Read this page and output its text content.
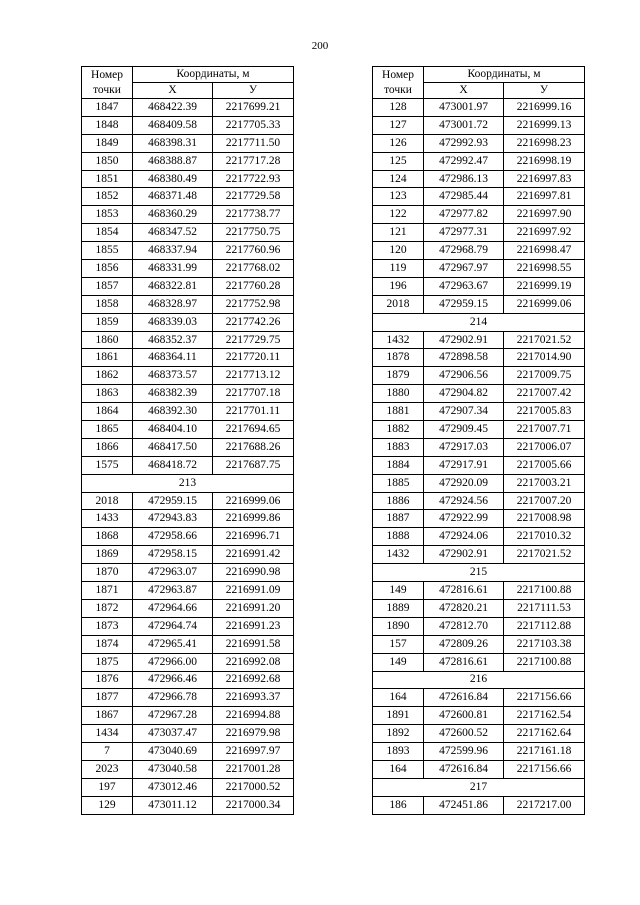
200
Номер точки	Координаты, м	
	X	У
1847	468422.39	2217699.21
1848	468409.58	2217705.33
1849	468398.31	2217711.50
1850	468388.87	2217717.28
1851	468380.49	2217722.93
1852	468371.48	2217729.58
1853	468360.29	2217738.77
1854	468347.52	2217750.75
1855	468337.94	2217760.96
1856	468331.99	2217768.02
1857	468322.81	2217760.28
1858	468328.97	2217752.98
1859	468339.03	2217742.26
1860	468352.37	2217729.75
1861	468364.11	2217720.11
1862	468373.57	2217713.12
1863	468382.39	2217707.18
1864	468392.30	2217701.11
1865	468404.10	2217694.65
1866	468417.50	2217688.26
1575	468418.72	2217687.75
213		
2018	472959.15	2216999.06
1433	472943.83	2216999.86
1868	472958.66	2216996.71
1869	472958.15	2216991.42
1870	472963.07	2216990.98
1871	472963.87	2216991.09
1872	472964.66	2216991.20
1873	472964.74	2216991.23
1874	472965.41	2216991.58
1875	472966.00	2216992.08
1876	472966.46	2216992.68
1877	472966.78	2216993.37
1867	472967.28	2216994.88
1434	473037.47	2216979.98
7	473040.69	2216997.97
2023	473040.58	2217001.28
197	473012.46	2217000.52
129	473011.12	2217000.34
Номер точки	Координаты, м	
	X	У
128	473001.97	2216999.16
127	473001.72	2216999.13
126	472992.93	2216998.23
125	472992.47	2216998.19
124	472986.13	2216997.83
123	472985.44	2216997.81
122	472977.82	2216997.90
121	472977.31	2216997.92
120	472968.79	2216998.47
119	472967.97	2216998.55
196	472963.67	2216999.19
2018	472959.15	2216999.06
214		
1432	472902.91	2217021.52
1878	472898.58	2217014.90
1879	472906.56	2217009.75
1880	472904.82	2217007.42
1881	472907.34	2217005.83
1882	472909.45	2217007.71
1883	472917.03	2217006.07
1884	472917.91	2217005.66
1885	472920.09	2217003.21
1886	472924.56	2217007.20
1887	472922.99	2217008.98
1888	472924.06	2217010.32
1432	472902.91	2217021.52
215		
149	472816.61	2217100.88
1889	472820.21	2217111.53
1890	472812.70	2217112.88
157	472809.26	2217103.38
149	472816.61	2217100.88
216		
164	472616.84	2217156.66
1891	472600.81	2217162.54
1892	472600.52	2217162.64
1893	472599.96	2217161.18
164	472616.84	2217156.66
217		
186	472451.86	2217217.00
